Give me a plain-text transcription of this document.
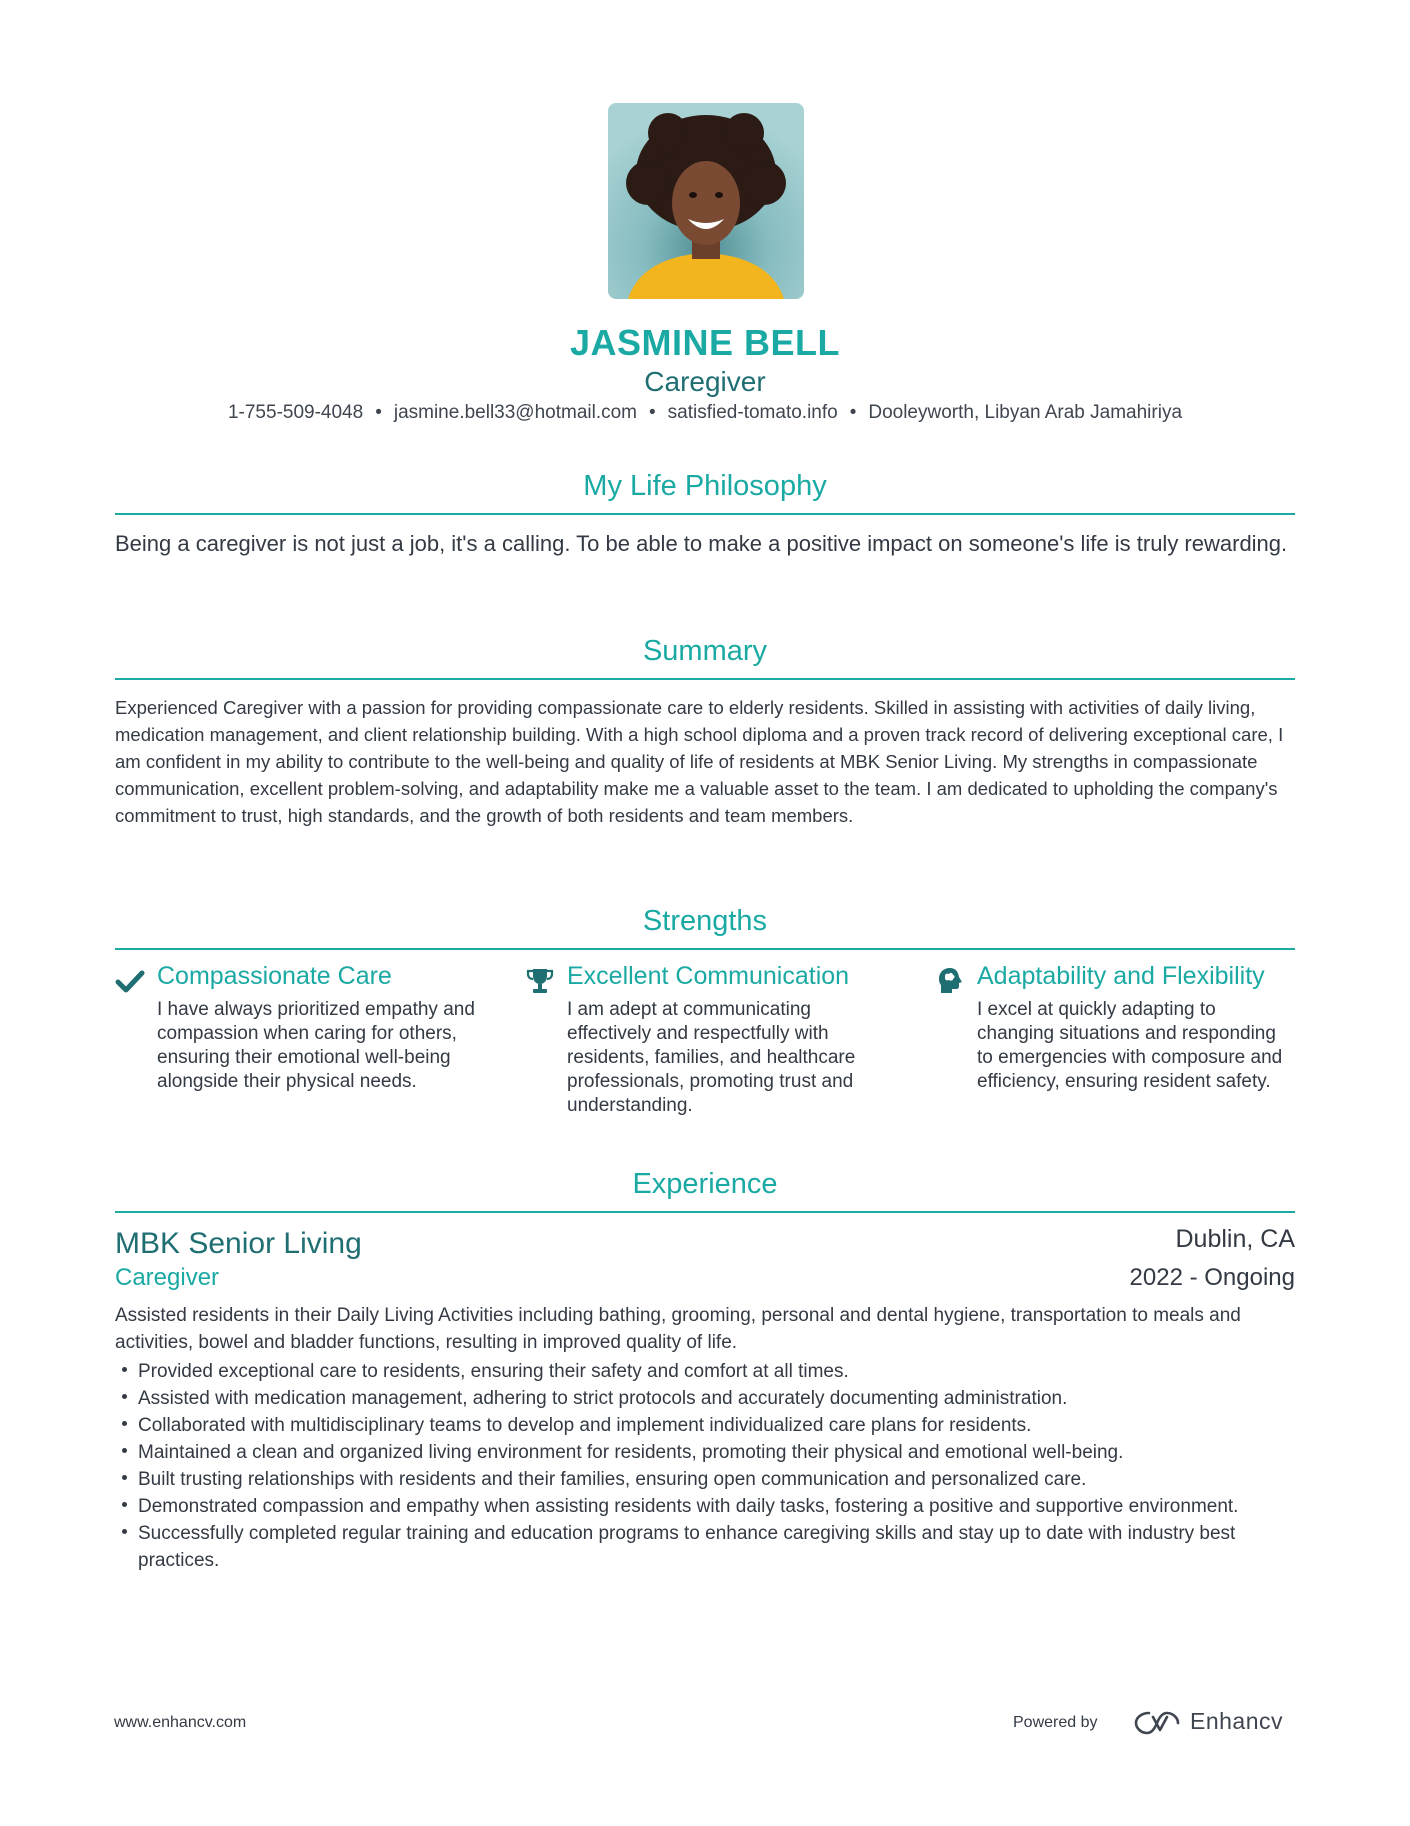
JASMINE BELL
Caregiver
1-755-509-4048 • jasmine.bell33@hotmail.com • satisfied-tomato.info • Dooleyworth, Libyan Arab Jamahiriya
My Life Philosophy
Being a caregiver is not just a job, it's a calling. To be able to make a positive impact on someone's life is truly rewarding.
Summary
Experienced Caregiver with a passion for providing compassionate care to elderly residents. Skilled in assisting with activities of daily living, medication management, and client relationship building. With a high school diploma and a proven track record of delivering exceptional care, I am confident in my ability to contribute to the well-being and quality of life of residents at MBK Senior Living. My strengths in compassionate communication, excellent problem-solving, and adaptability make me a valuable asset to the team. I am dedicated to upholding the company's commitment to trust, high standards, and the growth of both residents and team members.
Strengths
Compassionate Care
I have always prioritized empathy and compassion when caring for others, ensuring their emotional well-being alongside their physical needs.
Excellent Communication
I am adept at communicating effectively and respectfully with residents, families, and healthcare professionals, promoting trust and understanding.
Adaptability and Flexibility
I excel at quickly adapting to changing situations and responding to emergencies with composure and efficiency, ensuring resident safety.
Experience
MBK Senior Living	Dublin, CA
Caregiver	2022 - Ongoing
Assisted residents in their Daily Living Activities including bathing, grooming, personal and dental hygiene, transportation to meals and activities, bowel and bladder functions, resulting in improved quality of life.
Provided exceptional care to residents, ensuring their safety and comfort at all times.
Assisted with medication management, adhering to strict protocols and accurately documenting administration.
Collaborated with multidisciplinary teams to develop and implement individualized care plans for residents.
Maintained a clean and organized living environment for residents, promoting their physical and emotional well-being.
Built trusting relationships with residents and their families, ensuring open communication and personalized care.
Demonstrated compassion and empathy when assisting residents with daily tasks, fostering a positive and supportive environment.
Successfully completed regular training and education programs to enhance caregiving skills and stay up to date with industry best practices.
www.enhancv.com	Powered by	Enhancv
